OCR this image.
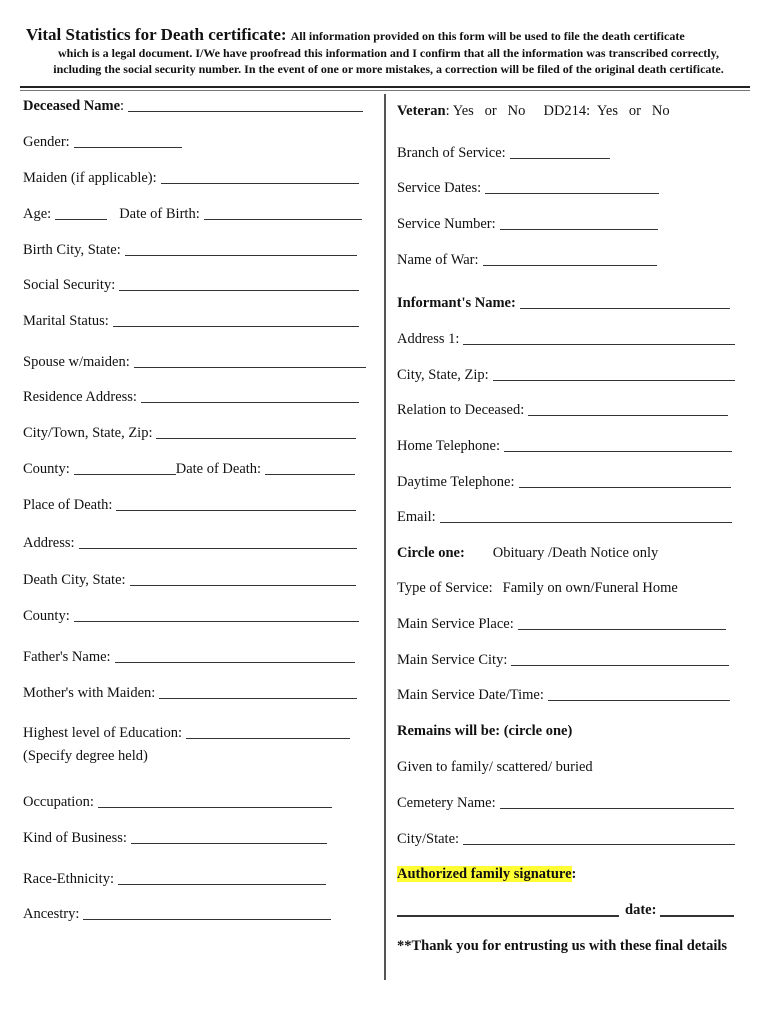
Vital Statistics for Death certificate: All information provided on this form will be used to file the death certificate
which is a legal document. I/We have proofread this information and I confirm that all the information was transcribed correctly,
including the social security number. In the event of one or more mistakes, a correction will be filed of the original death certificate.
Deceased Name :
Gender:
Maiden (if applicable):
Age:	Date of Birth:
Birth City, State:
Social Security:
Marital Status:
Spouse w/maiden:
Residence Address:
City/Town, State, Zip:
County:	Date of Death:
Place of Death:
Address:
Death City, State:
County:
Father's Name:
Mother's with Maiden:
Highest level of Education:
(Specify degree held)
Occupation:
Kind of Business:
Race-Ethnicity:
Ancestry:
Veteran : Yes   or   No     DD214:  Yes   or   No
Branch of Service:
Service Dates:
Service Number:
Name of War:
Informant's Name:
Address 1:
City, State, Zip:
Relation to Deceased:
Home Telephone:
Daytime Telephone:
Email:
Circle one: Obituary /Death Notice only
Type of Service: Family on own/Funeral Home
Main Service Place:
Main Service City:
Main Service Date/Time:
Remains will be: (circle one)
Given to family/ scattered/ buried
Cemetery Name:
City/State:
Authorized family signature:
date:
**Thank you for entrusting us with these final details
